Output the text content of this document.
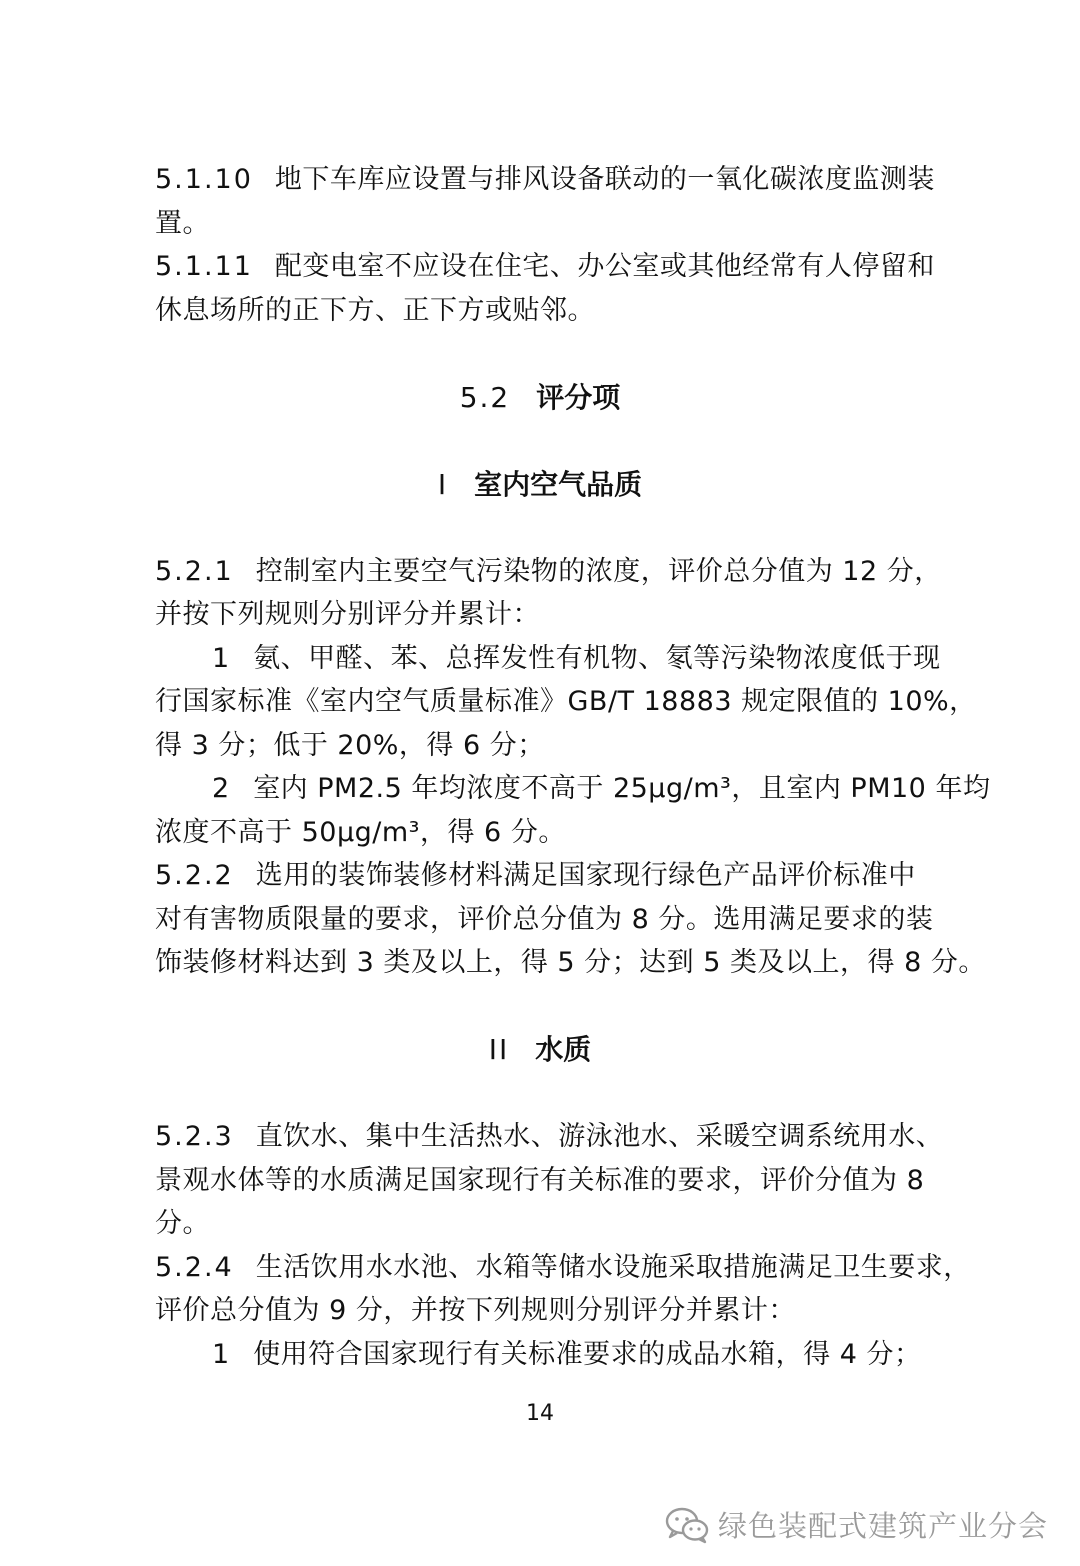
5.1.10 地下车库应设置与排风设备联动的一氧化碳浓度监测装
置。
5.1.11 配变电室不应设在住宅、办公室或其他经常有人停留和
休息场所的正下方、正下方或贴邻。
5.2 评分项
I 室内空气品质
5.2.1 控制室内主要空气污染物的浓度，评价总分值为 12 分，
并按下列规则分别评分并累计：
1 氨、甲醛、苯、总挥发性有机物、氡等污染物浓度低于现
行国家标准《室内空气质量标准》GB/T 18883 规定限值的 10%，
得 3 分；低于 20%，得 6 分；
2 室内 PM2.5 年均浓度不高于 25μg/m³，且室内 PM10 年均
浓度不高于 50μg/m³，得 6 分。
5.2.2 选用的装饰装修材料满足国家现行绿色产品评价标准中
对有害物质限量的要求，评价总分值为 8 分。选用满足要求的装
饰装修材料达到 3 类及以上，得 5 分；达到 5 类及以上，得 8 分。
II 水质
5.2.3 直饮水、集中生活热水、游泳池水、采暖空调系统用水、
景观水体等的水质满足国家现行有关标准的要求，评价分值为 8
分。
5.2.4 生活饮用水水池、水箱等储水设施采取措施满足卫生要求，
评价总分值为 9 分，并按下列规则分别评分并累计：
1 使用符合国家现行有关标准要求的成品水箱，得 4 分；
14
绿色装配式建筑产业分会
